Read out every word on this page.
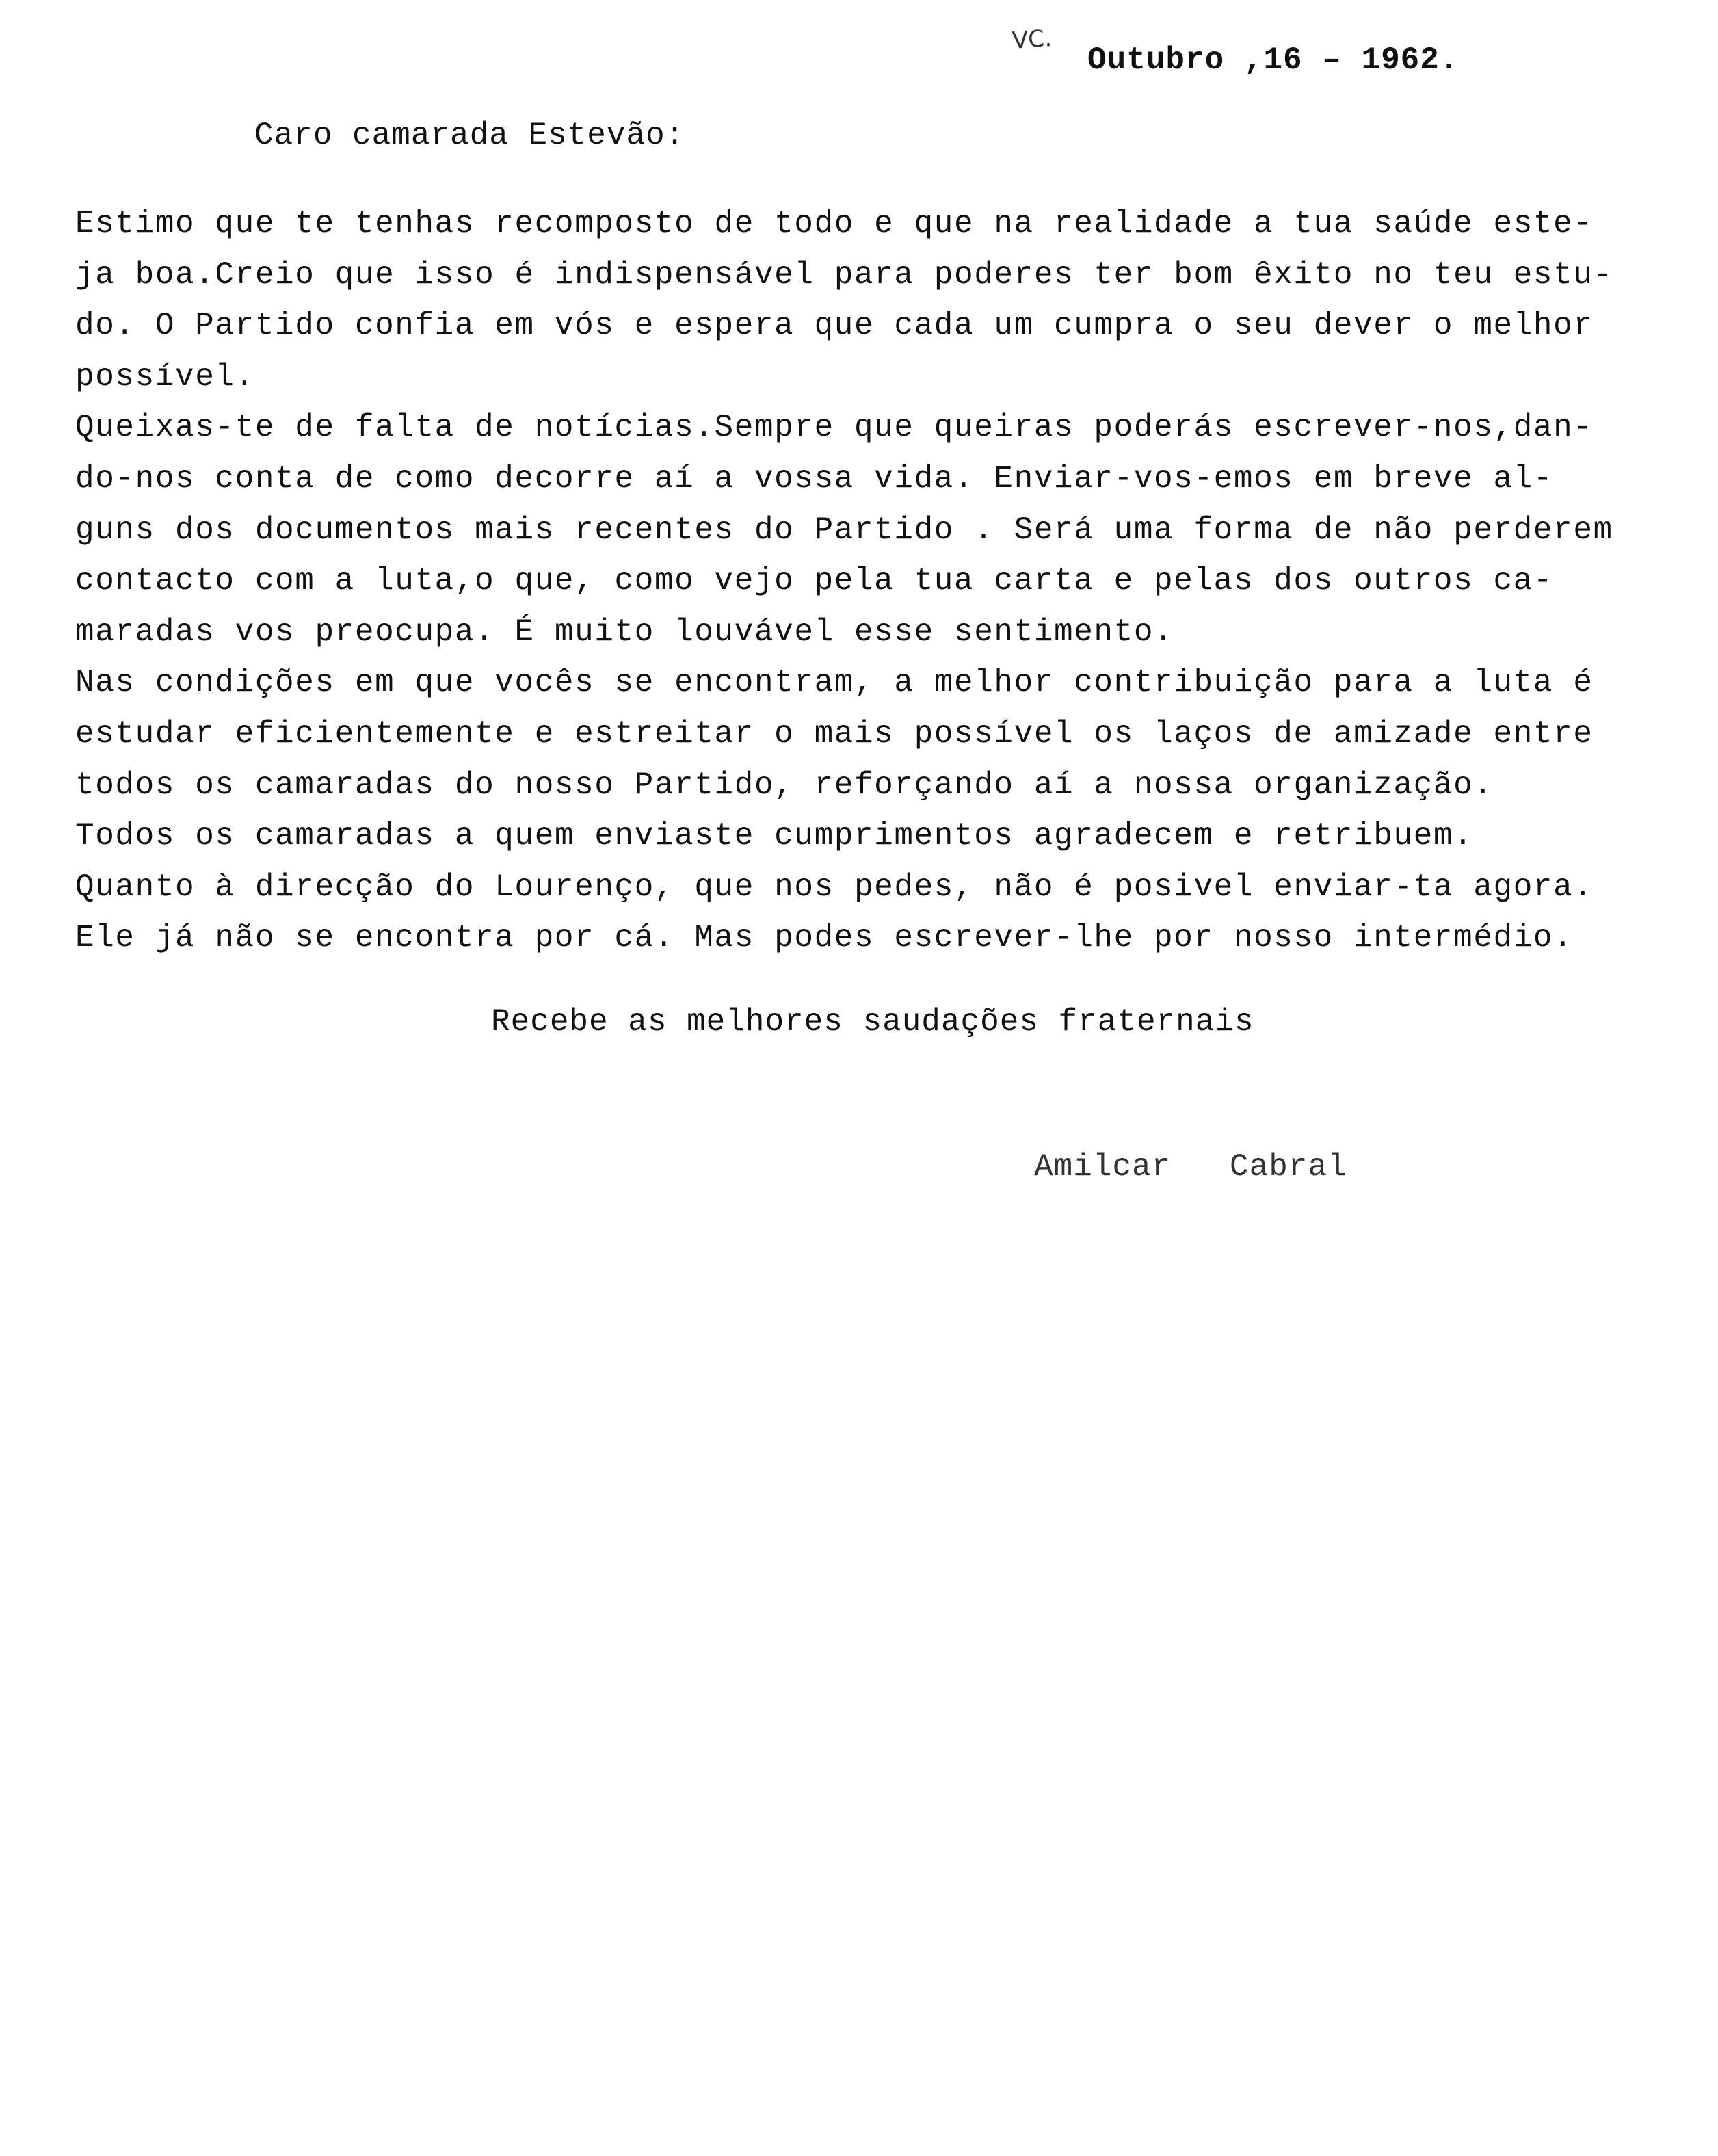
VC.
Outubro ,16 – 1962.
Caro camarada Estevão:
Estimo que te tenhas recomposto de todo e que na realidade a tua saúde este-
ja boa.Creio que isso é indispensável para poderes ter bom êxito no teu estu-
do. O Partido confia em vós e espera que cada um cumpra o seu dever o melhor
possível.
Queixas-te de falta de notícias.Sempre que queiras poderás escrever-nos,dan-
do-nos conta de como decorre aí a vossa vida. Enviar-vos-emos em breve al-
guns dos documentos mais recentes do Partido . Será uma forma de não perderem
contacto com a luta,o que, como vejo pela tua carta e pelas dos outros ca-
maradas vos preocupa. É muito louvável esse sentimento.
Nas condições em que vocês se encontram, a melhor contribuição para a luta é
estudar eficientemente e estreitar o mais possível os laços de amizade entre
todos os camaradas do nosso Partido, reforçando aí a nossa organização.
Todos os camaradas a quem enviaste cumprimentos agradecem e retribuem.
Quanto à direcção do Lourenço, que nos pedes, não é posivel enviar-ta agora.
Ele já não se encontra por cá. Mas podes escrever-lhe por nosso intermédio.
Recebe as melhores saudações fraternais
Amilcar   Cabral
